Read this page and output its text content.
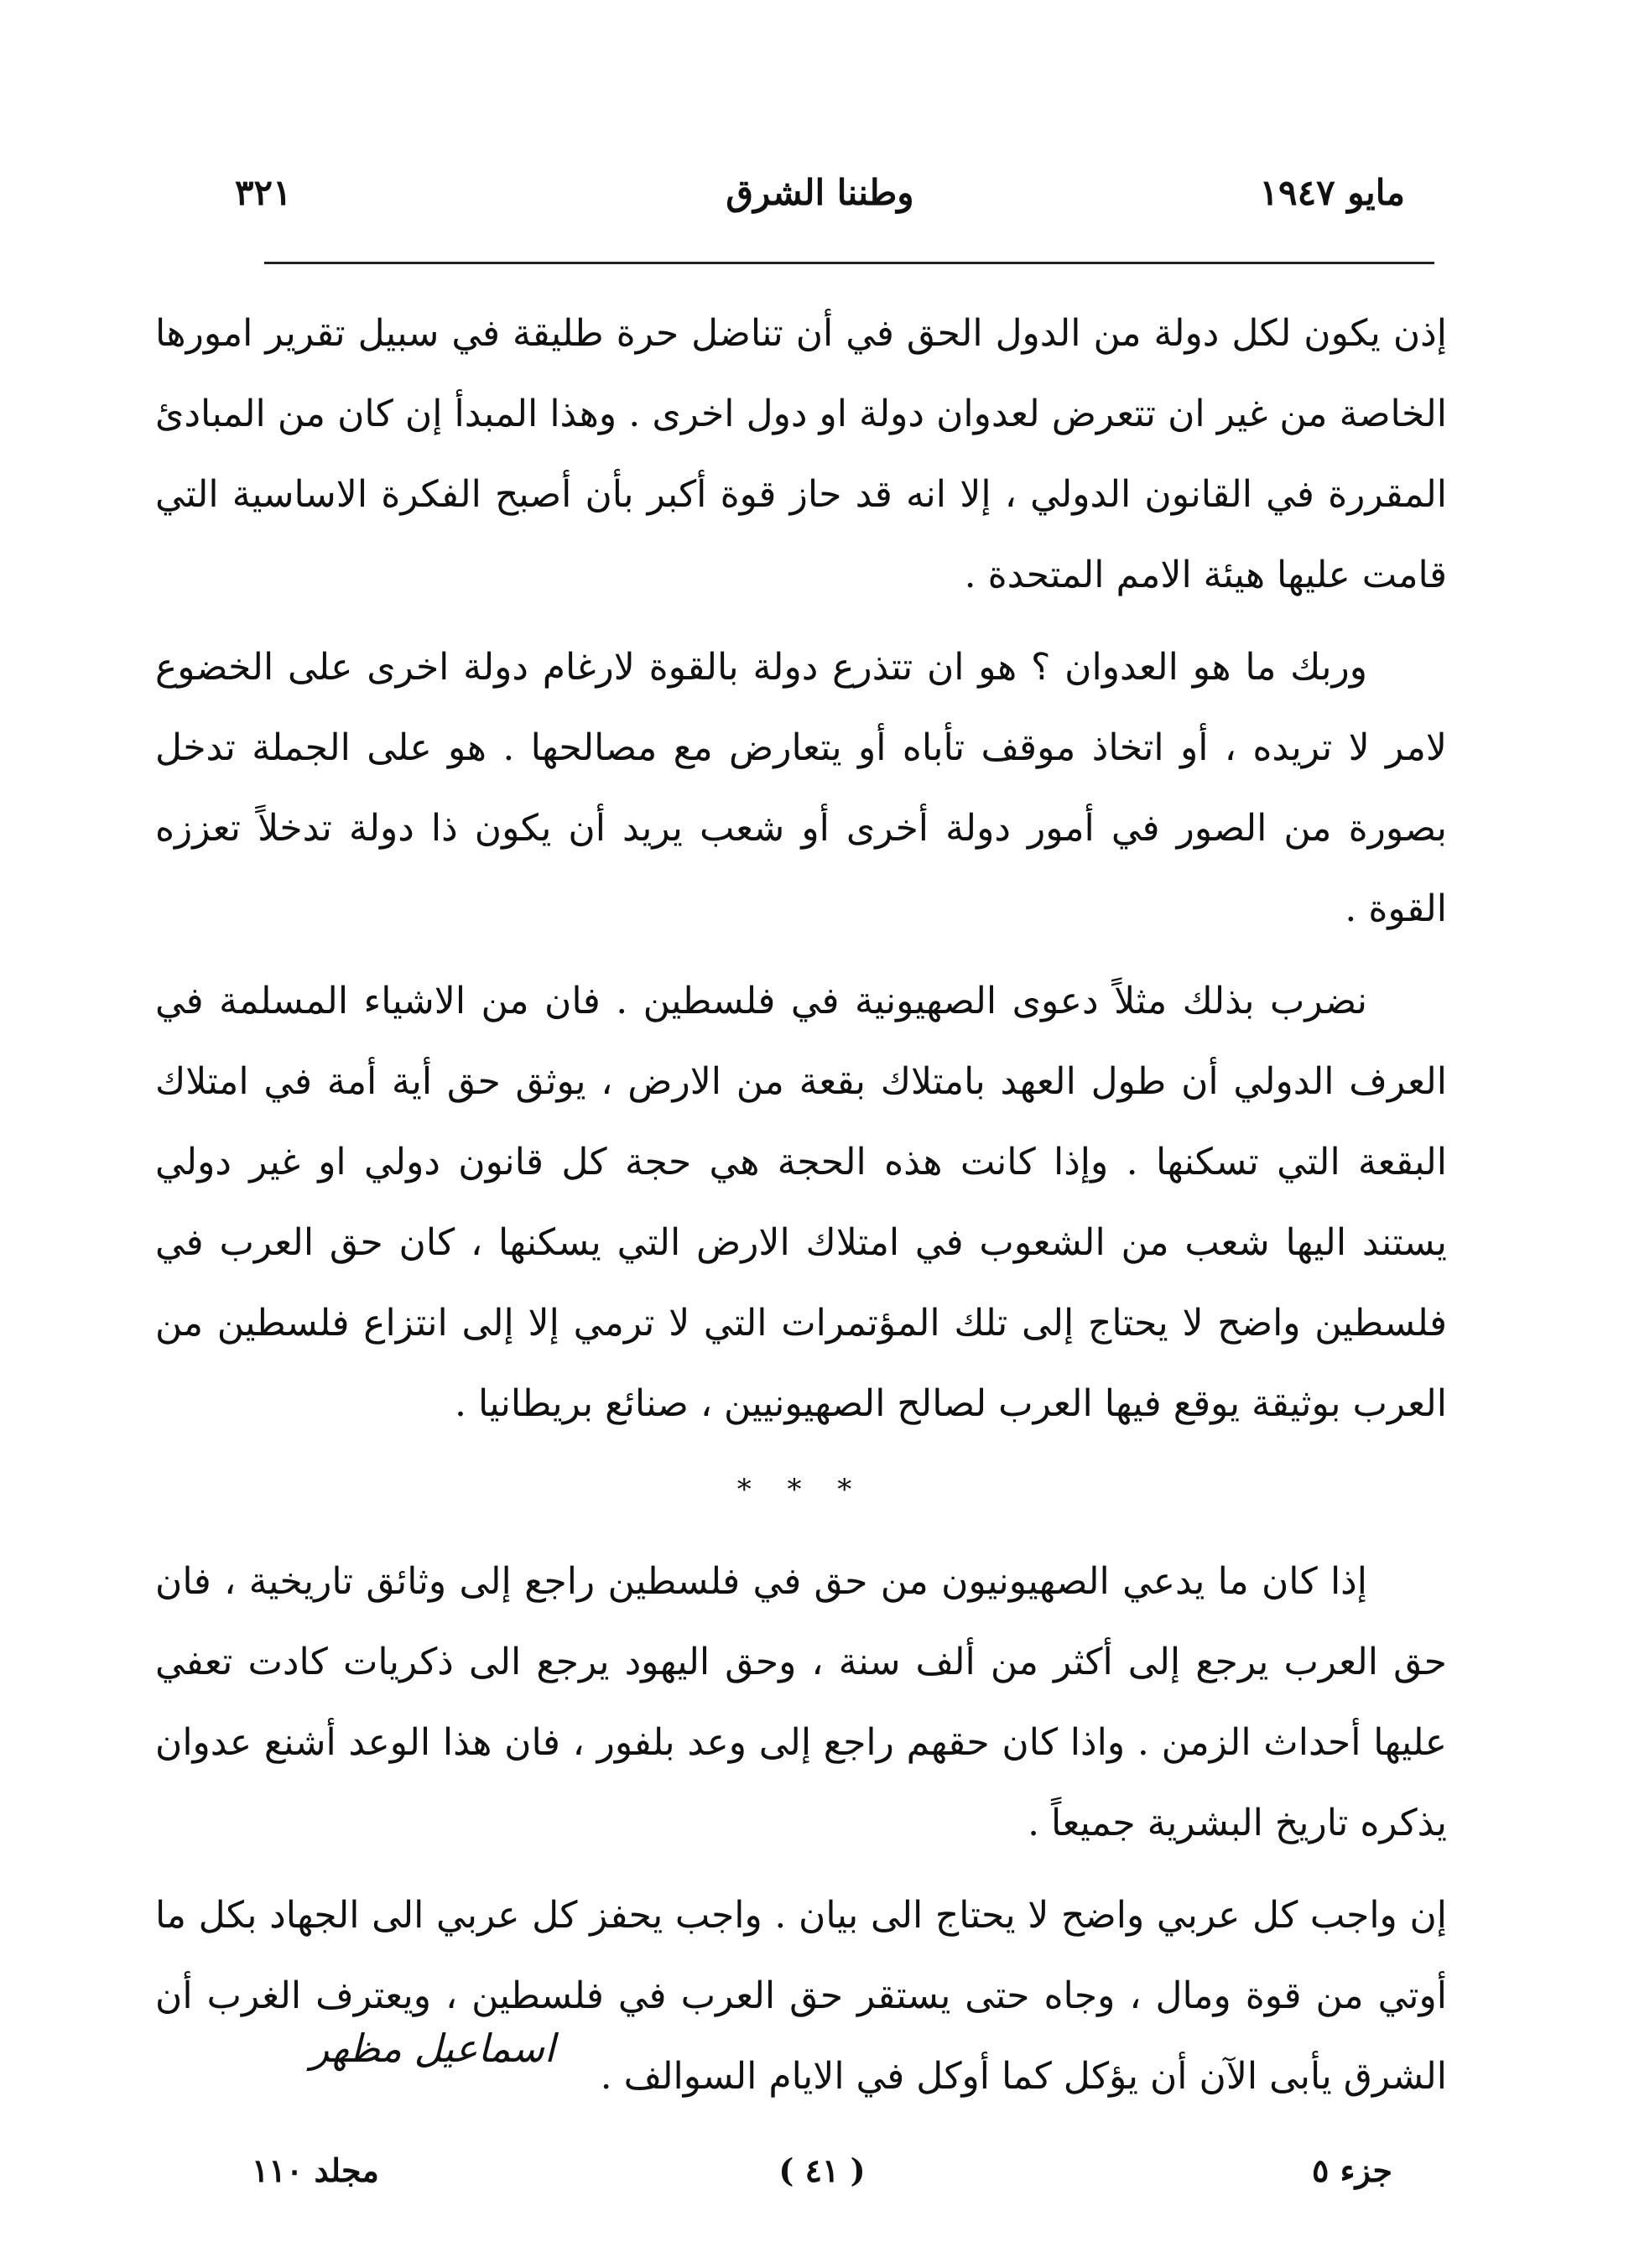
مايو ١٩٤٧
وطننا الشرق
٣٢١

إذن يكون لكل دولة من الدول الحق في أن تناضل حرة طليقة في سبيل تقرير امورها الخاصة من غير ان تتعرض لعدوان دولة او دول اخرى . وهذا المبدأ إن كان من المبادئ المقررة في القانون الدولي ، إلا انه قد حاز قوة أكبر بأن أصبح الفكرة الاساسية التي قامت عليها هيئة الامم المتحدة .

وربك ما هو العدوان ؟ هو ان تتذرع دولة بالقوة لارغام دولة اخرى على الخضوع لامر لا تريده ، أو اتخاذ موقف تأباه أو يتعارض مع مصالحها . هو على الجملة تدخل بصورة من الصور في أمور دولة أخرى أو شعب يريد أن يكون ذا دولة تدخلاً تعززه القوة .

نضرب بذلك مثلاً دعوى الصهيونية في فلسطين . فان من الاشياء المسلمة في العرف الدولي أن طول العهد بامتلاك بقعة من الارض ، يوثق حق أية أمة في امتلاك البقعة التي تسكنها . وإذا كانت هذه الحجة هي حجة كل قانون دولي او غير دولي يستند اليها شعب من الشعوب في امتلاك الارض التي يسكنها ، كان حق العرب في فلسطين واضح لا يحتاج إلى تلك المؤتمرات التي لا ترمي إلا إلى انتزاع فلسطين من العرب بوثيقة يوقع فيها العرب لصالح الصهيونيين ، صنائع بريطانيا .

* * *

إذا كان ما يدعي الصهيونيون من حق في فلسطين راجع إلى وثائق تاريخية ، فان حق العرب يرجع إلى أكثر من ألف سنة ، وحق اليهود يرجع الى ذكريات كادت تعفي عليها أحداث الزمن . واذا كان حقهم راجع إلى وعد بلفور ، فان هذا الوعد أشنع عدوان يذكره تاريخ البشرية جميعاً .

إن واجب كل عربي واضح لا يحتاج الى بيان . واجب يحفز كل عربي الى الجهاد بكل ما أوتي من قوة ومال ، وجاه حتى يستقر حق العرب في فلسطين ، ويعترف الغرب أن الشرق يأبى الآن أن يؤكل كما أوكل في الايام السوالف .

اسماعيل مظهر
جزء ٥
( ٤١ )
مجلد ١١٠
